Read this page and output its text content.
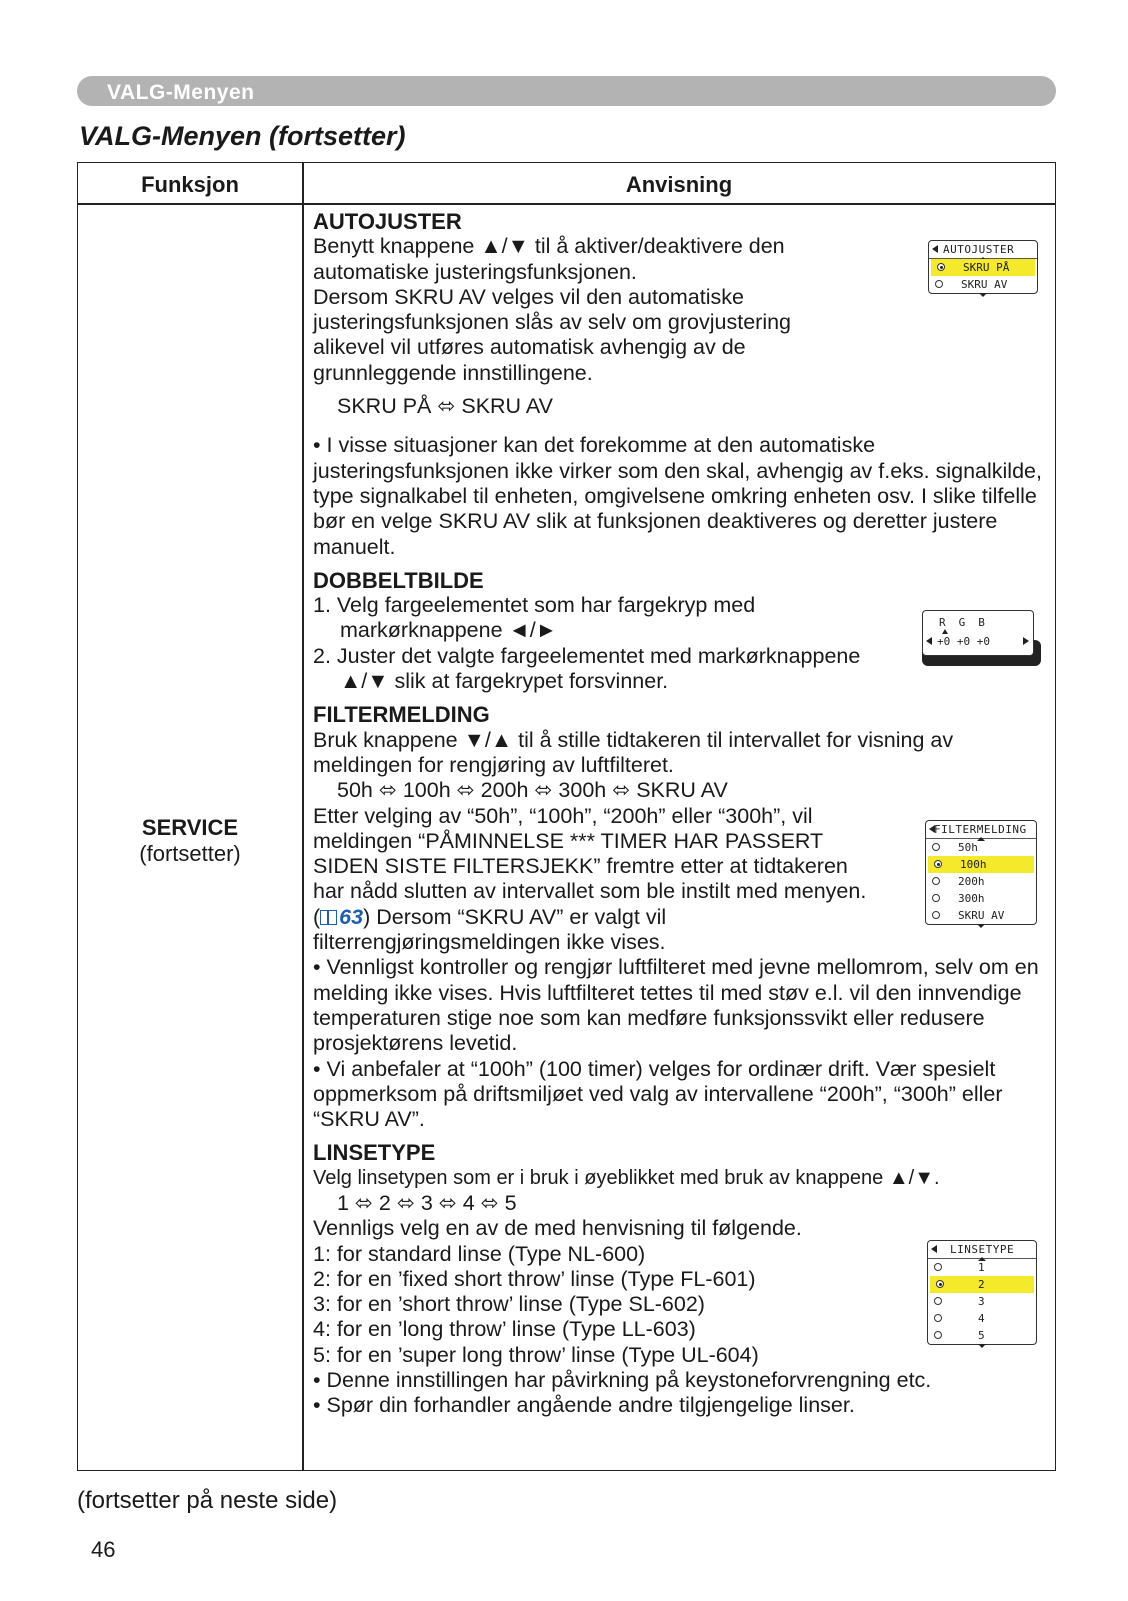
VALG-Menyen
VALG-Menyen (fortsetter)
Funksjon	Anvisning
SERVICE
(fortsetter)

AUTOJUSTER

Benytt knappene ▲/▼ til å aktiver/deaktivere den automatiske justeringsfunksjonen.

Dersom SKRU AV velges vil den automatiske justeringsfunksjonen slås av selv om grovjustering alikevel vil utføres automatisk avhengig av de grunnleggende innstillingene.

SKRU PÅ ⬄ SKRU AV

• I visse situasjoner kan det forekomme at den automatiske justeringsfunksjonen ikke virker som den skal, avhengig av f.eks. signalkilde, type signalkabel til enheten, omgivelsene omkring enheten osv. I slike tilfelle bør en velge SKRU AV slik at funksjonen deaktiveres og deretter justere manuelt.

DOBBELTBILDE

1. Velg fargeelementet som har fargekryp med markørknappene ◄/►

2. Juster det valgte fargeelementet med markørknappene ▲/▼ slik at fargekrypet forsvinner.

FILTERMELDING

Bruk knappene ▼/▲ til å stille tidtakeren til intervallet for visning av meldingen for rengjøring av luftfilteret.

50h ⬄ 100h ⬄ 200h ⬄ 300h ⬄ SKRU AV

Etter velging av “50h”, “100h”, “200h” eller “300h”, vil meldingen “PÅMINNELSE *** TIMER HAR PASSERT SIDEN SISTE FILTERSJEKK” fremtre etter at tidtakeren har nådd slutten av intervallet som ble instilt med menyen. ( 63) Dersom “SKRU AV” er valgt vil filterrengjøringsmeldingen ikke vises.

• Vennligst kontroller og rengjør luftfilteret med jevne mellomrom, selv om en melding ikke vises. Hvis luftfilteret tettes til med støv e.l. vil den innvendige temperaturen stige noe som kan medføre funksjonssvikt eller redusere prosjektørens levetid.

• Vi anbefaler at “100h” (100 timer) velges for ordinær drift. Vær spesielt oppmerksom på driftsmiljøet ved valg av intervallene “200h”, “300h” eller “SKRU AV”.

LINSETYPE

Velg linsetypen som er i bruk i øyeblikket med bruk av knappene ▲/▼.

1 ⬄ 2 ⬄ 3 ⬄ 4 ⬄ 5

Vennligs velg en av de med henvisning til følgende.

1: for standard linse (Type NL-600)

2: for en ’fixed short throw’ linse (Type FL-601)

3: for en ’short throw’ linse (Type SL-602)

4: for en ’long throw’ linse (Type LL-603)

5: for en ’super long throw’ linse (Type UL-604)

• Denne innstillingen har påvirkning på keystoneforvrengning etc.

• Spør din forhandler angående andre tilgjengelige linser.

AUTOJUSTER
SKRU PÅ
SKRU AV
RGB
+0 +0 +0
FILTERMELDING
50h
100h
200h
300h
SKRU AV
LINSETYPE
1
2
3
4
5
(fortsetter på neste side)
46
